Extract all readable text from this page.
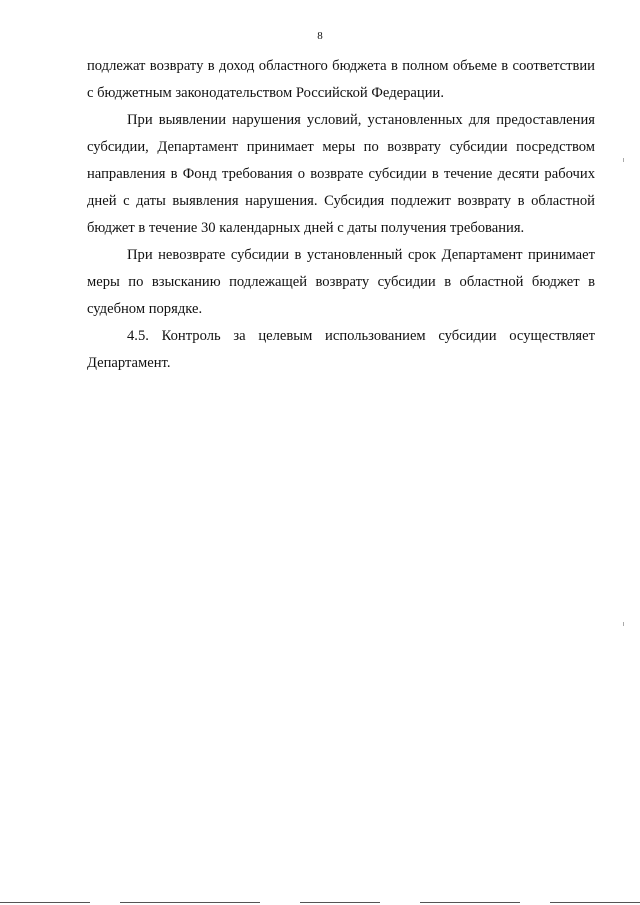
8

подлежат возврату в доход областного бюджета в полном объеме в соответствии с бюджетным законодательством Российской Федерации.

При выявлении нарушения условий, установленных для предоставления субсидии, Департамент принимает меры по возврату субсидии посредством направления в Фонд требования о возврате субсидии в течение десяти рабочих дней с даты выявления нарушения. Субсидия подлежит возврату в областной бюджет в течение 30 календарных дней с даты получения требования.

При невозврате субсидии в установленный срок Департамент принимает меры по взысканию подлежащей возврату субсидии в областной бюджет в судебном порядке.

4.5. Контроль за целевым использованием субсидии осуществляет Департамент.
